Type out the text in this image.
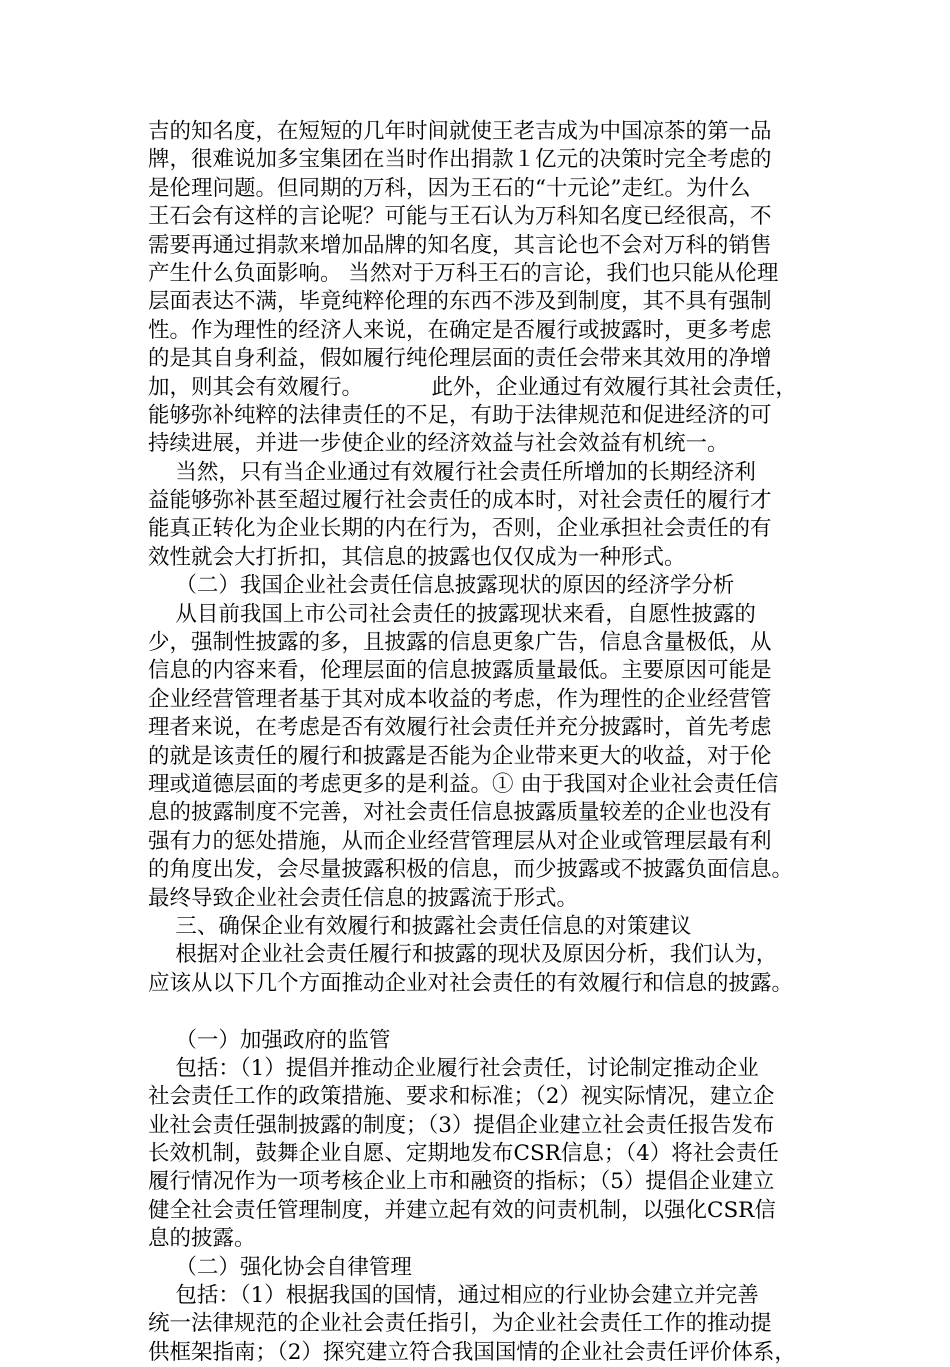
吉的知名度，在短短的几年时间就使王老吉成为中国凉茶的第一品
牌，很难说加多宝集团在当时作出捐款１亿元的决策时完全考虑的
是伦理问题。但同期的万科，因为王石的“十元论”走红。为什么
王石会有这样的言论呢？可能与王石认为万科知名度已经很高，不
需要再通过捐款来增加品牌的知名度，其言论也不会对万科的销售
产生什么负面影响。 当然对于万科王石的言论，我们也只能从伦理
层面表达不满，毕竟纯粹伦理的东西不涉及到制度，其不具有强制
性。作为理性的经济人来说，在确定是否履行或披露时，更多考虑
的是其自身利益，假如履行纯伦理层面的责任会带来其效用的净增
加，则其会有效履行。          此外，企业通过有效履行其社会责任，
能够弥补纯粹的法律责任的不足，有助于法律规范和促进经济的可
持续进展，并进一步使企业的经济效益与社会效益有机统一。
当然，只有当企业通过有效履行社会责任所增加的长期经济利
益能够弥补甚至超过履行社会责任的成本时，对社会责任的履行才
能真正转化为企业长期的内在行为，否则，企业承担社会责任的有
效性就会大打折扣，其信息的披露也仅仅成为一种形式。
（二）我国企业社会责任信息披露现状的原因的经济学分析
从目前我国上市公司社会责任的披露现状来看，自愿性披露的
少，强制性披露的多，且披露的信息更象广告，信息含量极低，从
信息的内容来看，伦理层面的信息披露质量最低。主要原因可能是
企业经营管理者基于其对成本收益的考虑，作为理性的企业经营管
理者来说，在考虑是否有效履行社会责任并充分披露时，首先考虑
的就是该责任的履行和披露是否能为企业带来更大的收益，对于伦
理或道德层面的考虑更多的是利益。① 由于我国对企业社会责任信
息的披露制度不完善，对社会责任信息披露质量较差的企业也没有
强有力的惩处措施，从而企业经营管理层从对企业或管理层最有利
的角度出发，会尽量披露积极的信息，而少披露或不披露负面信息。
最终导致企业社会责任信息的披露流于形式。
三、确保企业有效履行和披露社会责任信息的对策建议
根据对企业社会责任履行和披露的现状及原因分析，我们认为，
应该从以下几个方面推动企业对社会责任的有效履行和信息的披露。
（一）加强政府的监管
包括：（1）提倡并推动企业履行社会责任，讨论制定推动企业
社会责任工作的政策措施、要求和标准；（2）视实际情况，建立企
业社会责任强制披露的制度；（3）提倡企业建立社会责任报告发布
长效机制，鼓舞企业自愿、定期地发布CSR信息；（4）将社会责任
履行情况作为一项考核企业上市和融资的指标；（5）提倡企业建立
健全社会责任管理制度，并建立起有效的问责机制，以强化CSR信
息的披露。
（二）强化协会自律管理
包括：（1）根据我国的国情，通过相应的行业协会建立并完善
统一法律规范的企业社会责任指引，为企业社会责任工作的推动提
供框架指南；（2）探究建立符合我国国情的企业社会责任评价体系，
